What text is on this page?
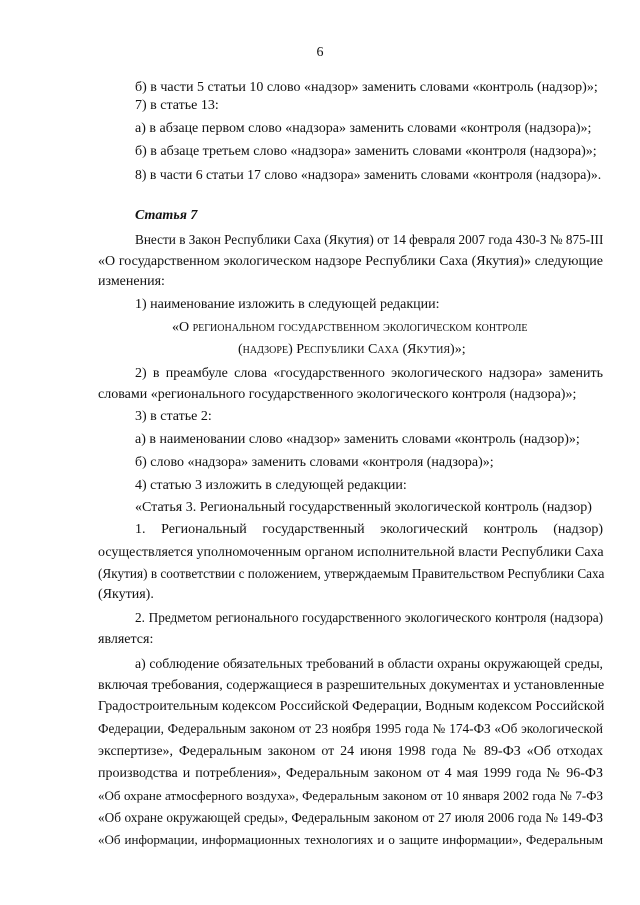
6
б) в части 5 статьи 10 слово «надзор» заменить словами «контроль (надзор)»;
7) в статье 13:
а) в абзаце первом слово «надзора» заменить словами «контроля (надзора)»;
б) в абзаце третьем слово «надзора» заменить словами «контроля (надзора)»;
8) в части 6 статьи 17 слово «надзора» заменить словами «контроля (надзора)».
Статья 7
Внести в Закон Республики Саха (Якутия) от 14 февраля 2007 года 430-З № 875-III
«О государственном экологическом надзоре Республики Саха (Якутия)» следующие
изменения:
1) наименование изложить в следующей редакции:
«О региональном государственном экологическом контроле
(надзоре) Республики Саха (Якутия)»;
2) в преамбуле слова «государственного экологического надзора» заменить
словами «регионального государственного экологического контроля (надзора)»;
3) в статье 2:
а) в наименовании слово «надзор» заменить словами «контроль (надзор)»;
б) слово «надзора» заменить словами «контроля (надзора)»;
4) статью 3 изложить в следующей редакции:
«Статья 3. Региональный государственный экологической контроль (надзор)
1. Региональный государственный экологический контроль (надзор)
осуществляется уполномоченным органом исполнительной власти Республики Саха
(Якутия) в соответствии с положением, утверждаемым Правительством Республики Саха
(Якутия).
2. Предметом регионального государственного экологического контроля (надзора)
является:
а) соблюдение обязательных требований в области охраны окружающей среды,
включая требования, содержащиеся в разрешительных документах и установленные
Градостроительным кодексом Российской Федерации, Водным кодексом Российской
Федерации, Федеральным законом от 23 ноября 1995 года № 174-ФЗ «Об экологической
экспертизе», Федеральным законом от 24 июня 1998 года № 89-ФЗ «Об отходах
производства и потребления», Федеральным законом от 4 мая 1999 года № 96-ФЗ
«Об охране атмосферного воздуха», Федеральным законом от 10 января 2002 года № 7-ФЗ
«Об охране окружающей среды», Федеральным законом от 27 июля 2006 года № 149-ФЗ
«Об информации, информационных технологиях и о защите информации», Федеральным
